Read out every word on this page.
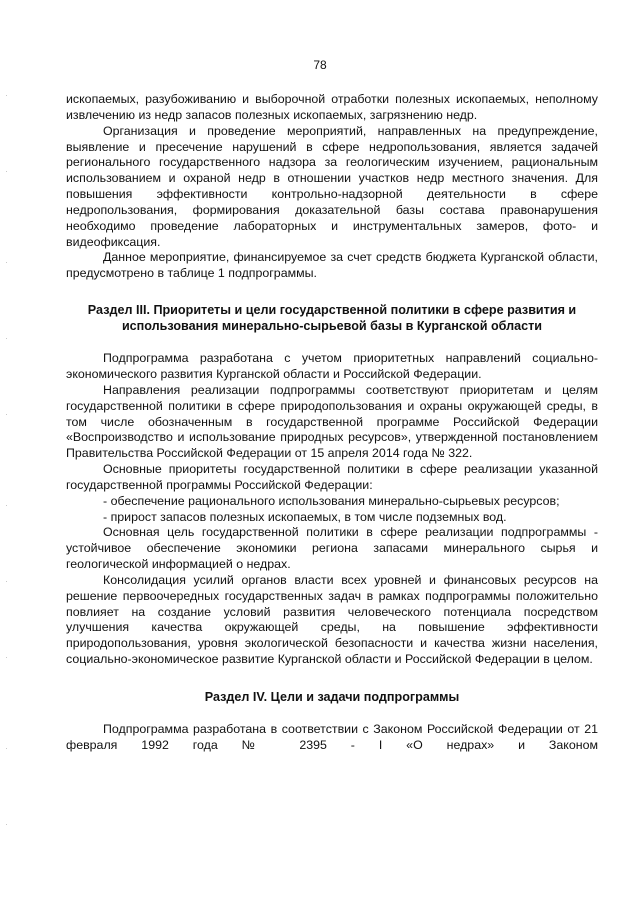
78

ископаемых, разубоживанию и выборочной отработки полезных ископаемых, неполному извлечению из недр запасов полезных ископаемых, загрязнению недр.

Организация и проведение мероприятий, направленных на предупреждение, выявление и пресечение нарушений в сфере недропользования, является задачей регионального государственного надзора за геологическим изучением, рациональным использованием и охраной недр в отношении участков недр местного значения. Для повышения эффективности контрольно-надзорной деятельности в сфере недропользования, формирования доказательной базы состава правонарушения необходимо проведение лабораторных и инструментальных замеров, фото- и видеофиксация.

Данное мероприятие, финансируемое за счет средств бюджета Курганской области, предусмотрено в таблице 1 подпрограммы.

Раздел III. Приоритеты и цели государственной политики в сфере развития и использования минерально-сырьевой базы в Курганской области

Подпрограмма разработана с учетом приоритетных направлений социально-экономического развития Курганской области и Российской Федерации.

Направления реализации подпрограммы соответствуют приоритетам и целям государственной политики в сфере природопользования и охраны окружающей среды, в том числе обозначенным в государственной программе Российской Федерации «Воспроизводство и использование природных ресурсов», утвержденной постановлением Правительства Российской Федерации от 15 апреля 2014 года № 322.

Основные приоритеты государственной политики в сфере реализации указанной государственной программы Российской Федерации:

- обеспечение рационального использования минерально-сырьевых ресурсов;

- прирост запасов полезных ископаемых, в том числе подземных вод.

Основная цель государственной политики в сфере реализации подпрограммы - устойчивое обеспечение экономики региона запасами минерального сырья и геологической информацией о недрах.

Консолидация усилий органов власти всех уровней и финансовых ресурсов на решение первоочередных государственных задач в рамках подпрограммы положительно повлияет на создание условий развития человеческого потенциала посредством улучшения качества окружающей среды, на повышение эффективности природопользования, уровня экологической безопасности и качества жизни населения, социально-экономическое развитие Курганской области и Российской Федерации в целом.

Раздел IV. Цели и задачи подпрограммы

Подпрограмма разработана в соответствии с Законом Российской Федерации от 21 февраля 1992 года № 2395 - I «О недрах» и Законом
